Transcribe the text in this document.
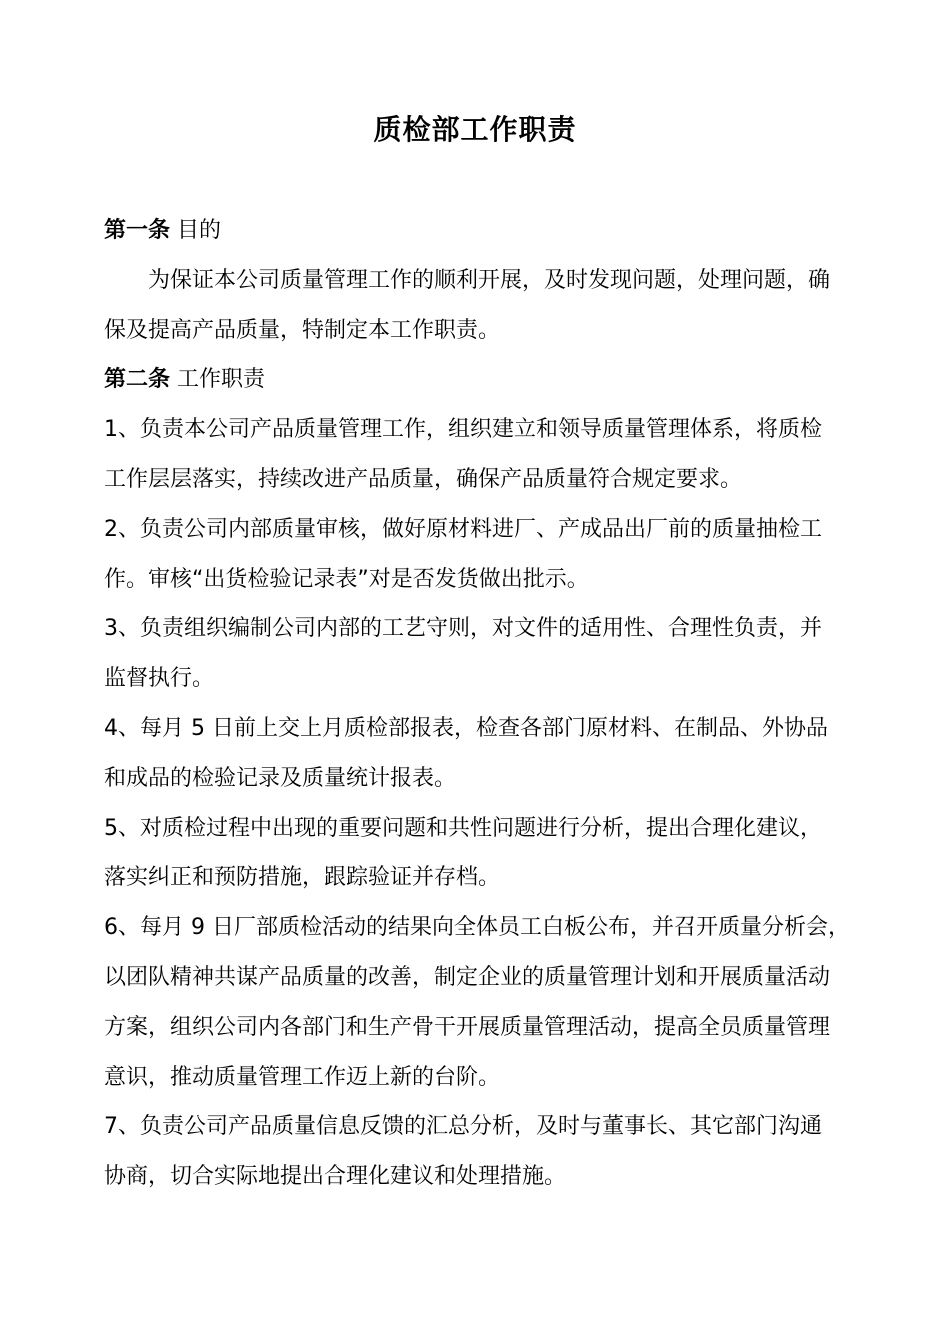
质检部工作职责
第一条 目的
为保证本公司质量管理工作的顺利开展，及时发现问题，处理问题，确
保及提高产品质量，特制定本工作职责。
第二条 工作职责
1、负责本公司产品质量管理工作，组织建立和领导质量管理体系，将质检
工作层层落实，持续改进产品质量，确保产品质量符合规定要求。
2、负责公司内部质量审核，做好原材料进厂、产成品出厂前的质量抽检工
作。审核“出货检验记录表”对是否发货做出批示。
3、负责组织编制公司内部的工艺守则，对文件的适用性、合理性负责，并
监督执行。
4、每月 5 日前上交上月质检部报表，检查各部门原材料、在制品、外协品
和成品的检验记录及质量统计报表。
5、对质检过程中出现的重要问题和共性问题进行分析，提出合理化建议，
落实纠正和预防措施，跟踪验证并存档。
6、每月 9 日厂部质检活动的结果向全体员工白板公布，并召开质量分析会，
以团队精神共谋产品质量的改善，制定企业的质量管理计划和开展质量活动
方案，组织公司内各部门和生产骨干开展质量管理活动，提高全员质量管理
意识，推动质量管理工作迈上新的台阶。
7、负责公司产品质量信息反馈的汇总分析，及时与董事长、其它部门沟通
协商，切合实际地提出合理化建议和处理措施。
